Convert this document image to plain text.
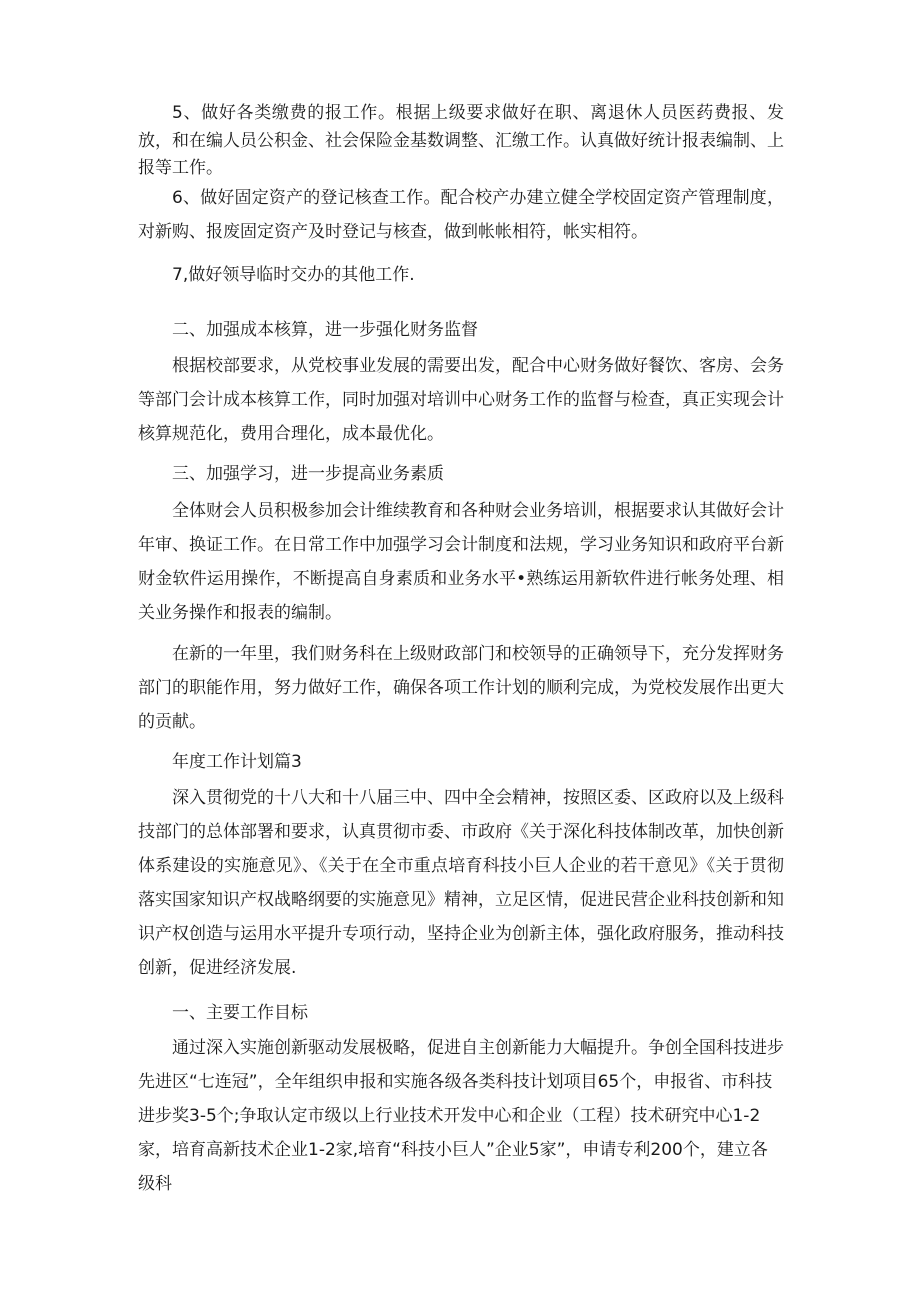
5、做好各类缴费的报工作。根据上级要求做好在职、离退休人员医药费报、发放，和在编人员公积金、社会保险金基数调整、汇缴工作。认真做好统计报表编制、上报等工作。

6、做好固定资产的登记核查工作。配合校产办建立健全学校固定资产管理制度，对新购、报废固定资产及时登记与核查，做到帐帐相符，帐实相符。

7,做好领导临时交办的其他工作.

二、加强成本核算，进一步强化财务监督

根据校部要求，从党校事业发展的需要出发，配合中心财务做好餐饮、客房、会务等部门会计成本核算工作，同时加强对培训中心财务工作的监督与检查，真正实现会计核算规范化，费用合理化，成本最优化。

三、加强学习，进一步提高业务素质

全体财会人员积极参加会计维续教育和各种财会业务培训，根据要求认其做好会计年审、换证工作。在日常工作中加强学习会计制度和法规，学习业务知识和政府平台新财金软件运用操作，不断提高自身素质和业务水平•熟练运用新软件进行帐务处理、相关业务操作和报表的编制。

在新的一年里，我们财务科在上级财政部门和校领导的正确领导下，充分发挥财务部门的职能作用，努力做好工作，确保各项工作计划的顺利完成，为党校发展作出更大的贡献。

年度工作计划篇3

深入贯彻党的十八大和十八届三中、四中全会精神，按照区委、区政府以及上级科技部门的总体部署和要求，认真贯彻市委、市政府《关于深化科技体制改革，加快创新体系建设的实施意见》、《关于在全市重点培育科技小巨人企业的若干意见》《关于贯彻落实国家知识产权战略纲要的实施意见》精神，立足区情，促进民营企业科技创新和知识产权创造与运用水平提升专项行动，坚持企业为创新主体，强化政府服务，推动科技创新，促进经济发展.

一、主要工作目标

通过深入实施创新驱动发展极略，促进自主创新能力大幅提升。争创全国科技进步先进区“七连冠”，全年组织申报和实施各级各类科技计划项目65个，申报省、市科技进步奖3-5个;争取认定市级以上行业技术开发中心和企业（工程）技术研究中心1-2家，培育高新技术企业1-2家,培育“科技小巨人”企业5家”，申请专利200个，建立各级科
